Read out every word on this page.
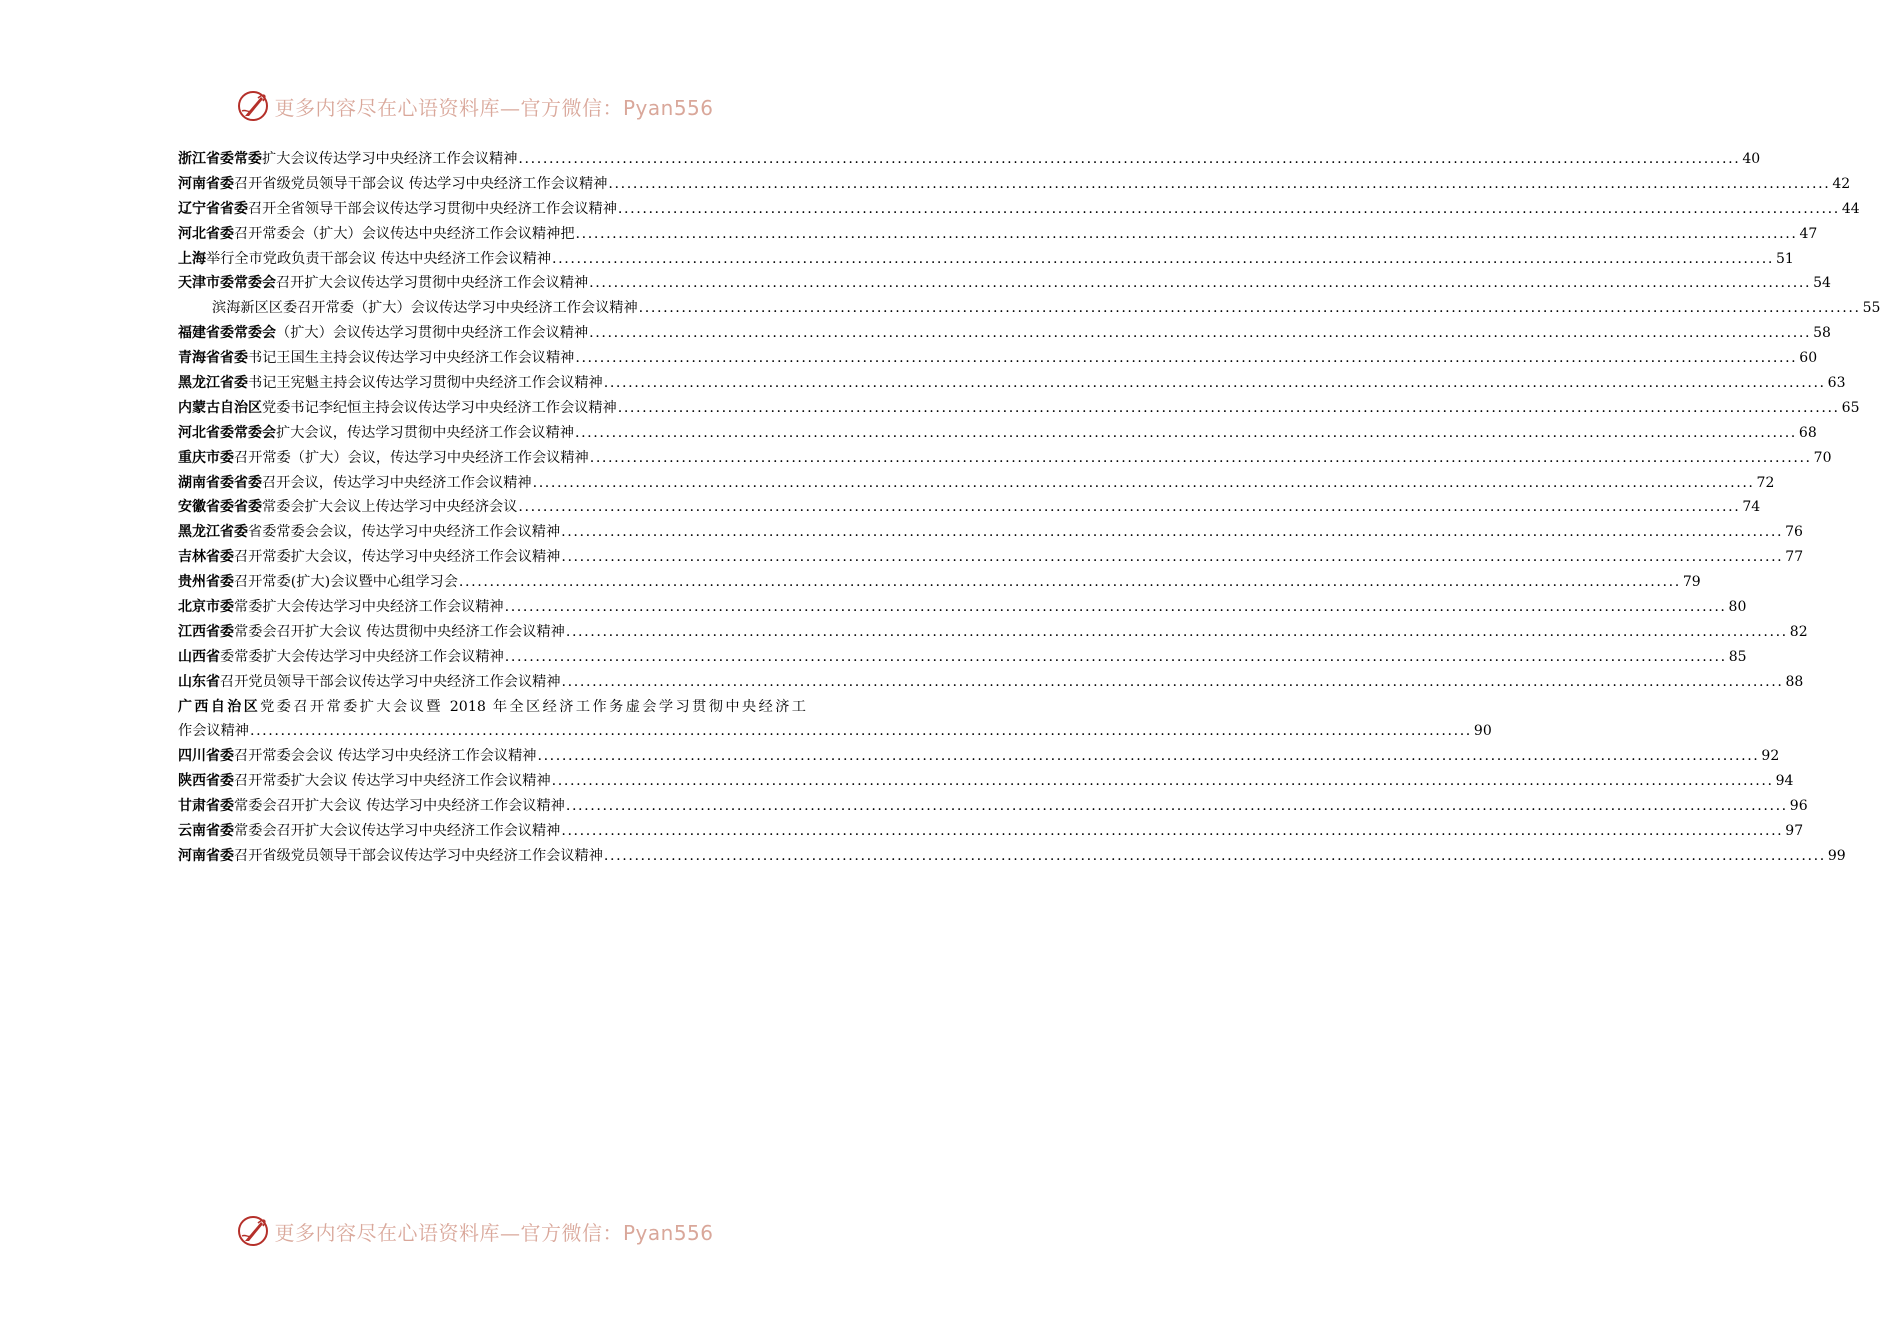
更多内容尽在心语资料库—官方微信：Pyan556
浙江省委常委 扩大会议传达学习中央经济工作会议精神 ........................................................................................................................................................................................................ 40
河南省委 召开省级党员领导干部会议 传达学习中央经济工作会议精神 ........................................................................................................................................................................................................ 42
辽宁省省委 召开全省领导干部会议传达学习贯彻中央经济工作会议精神 ........................................................................................................................................................................................................ 44
河北省委 召开常委会（扩大）会议传达中央经济工作会议精神把 ........................................................................................................................................................................................................ 47
上海 举行全市党政负责干部会议 传达中央经济工作会议精神 ........................................................................................................................................................................................................ 51
天津市委常委会 召开扩大会议传达学习贯彻中央经济工作会议精神 ........................................................................................................................................................................................................ 54
滨海新区区委召开常委（扩大）会议传达学习中央经济工作会议精神 ........................................................................................................................................................................................................ 55
福建省委常委会 （扩大）会议传达学习贯彻中央经济工作会议精神 ........................................................................................................................................................................................................ 58
青海省省委 书记王国生主持会议传达学习中央经济工作会议精神 ........................................................................................................................................................................................................ 60
黑龙江省委 书记王宪魁主持会议传达学习贯彻中央经济工作会议精神 ........................................................................................................................................................................................................ 63
内蒙古自治区 党委书记李纪恒主持会议传达学习中央经济工作会议精神 ........................................................................................................................................................................................................ 65
河北省委常委会 扩大会议，传达学习贯彻中央经济工作会议精神 ........................................................................................................................................................................................................ 68
重庆市委 召开常委（扩大）会议，传达学习中央经济工作会议精神 ........................................................................................................................................................................................................ 70
湖南省委省委 召开会议，传达学习中央经济工作会议精神 ........................................................................................................................................................................................................ 72
安徽省委省委 常委会扩大会议上传达学习中央经济会议 ........................................................................................................................................................................................................ 74
黑龙江省委 省委常委会会议，传达学习中央经济工作会议精神 ........................................................................................................................................................................................................ 76
吉林省委 召开常委扩大会议，传达学习中央经济工作会议精神 ........................................................................................................................................................................................................ 77
贵州省委 召开常委(扩大)会议暨中心组学习会 ........................................................................................................................................................................................................ 79
北京市委 常委扩大会传达学习中央经济工作会议精神 ........................................................................................................................................................................................................ 80
江西省委 常委会召开扩大会议 传达贯彻中央经济工作会议精神 ........................................................................................................................................................................................................ 82
山西省 委常委扩大会传达学习中央经济工作会议精神 ........................................................................................................................................................................................................ 85
山东省 召开党员领导干部会议传达学习中央经济工作会议精神 ........................................................................................................................................................................................................ 88
广西自治区党委召开常委扩大会议暨 2018 年全区经济工作务虚会学习贯彻中央经济工
作会议精神 ........................................................................................................................................................................................................ 90
四川省委 召开常委会会议 传达学习中央经济工作会议精神 ........................................................................................................................................................................................................ 92
陕西省委 召开常委扩大会议 传达学习中央经济工作会议精神 ........................................................................................................................................................................................................ 94
甘肃省委 常委会召开扩大会议 传达学习中央经济工作会议精神 ........................................................................................................................................................................................................ 96
云南省委 常委会召开扩大会议传达学习中央经济工作会议精神 ........................................................................................................................................................................................................ 97
河南省委 召开省级党员领导干部会议传达学习中央经济工作会议精神 ........................................................................................................................................................................................................ 99
更多内容尽在心语资料库—官方微信：Pyan556
